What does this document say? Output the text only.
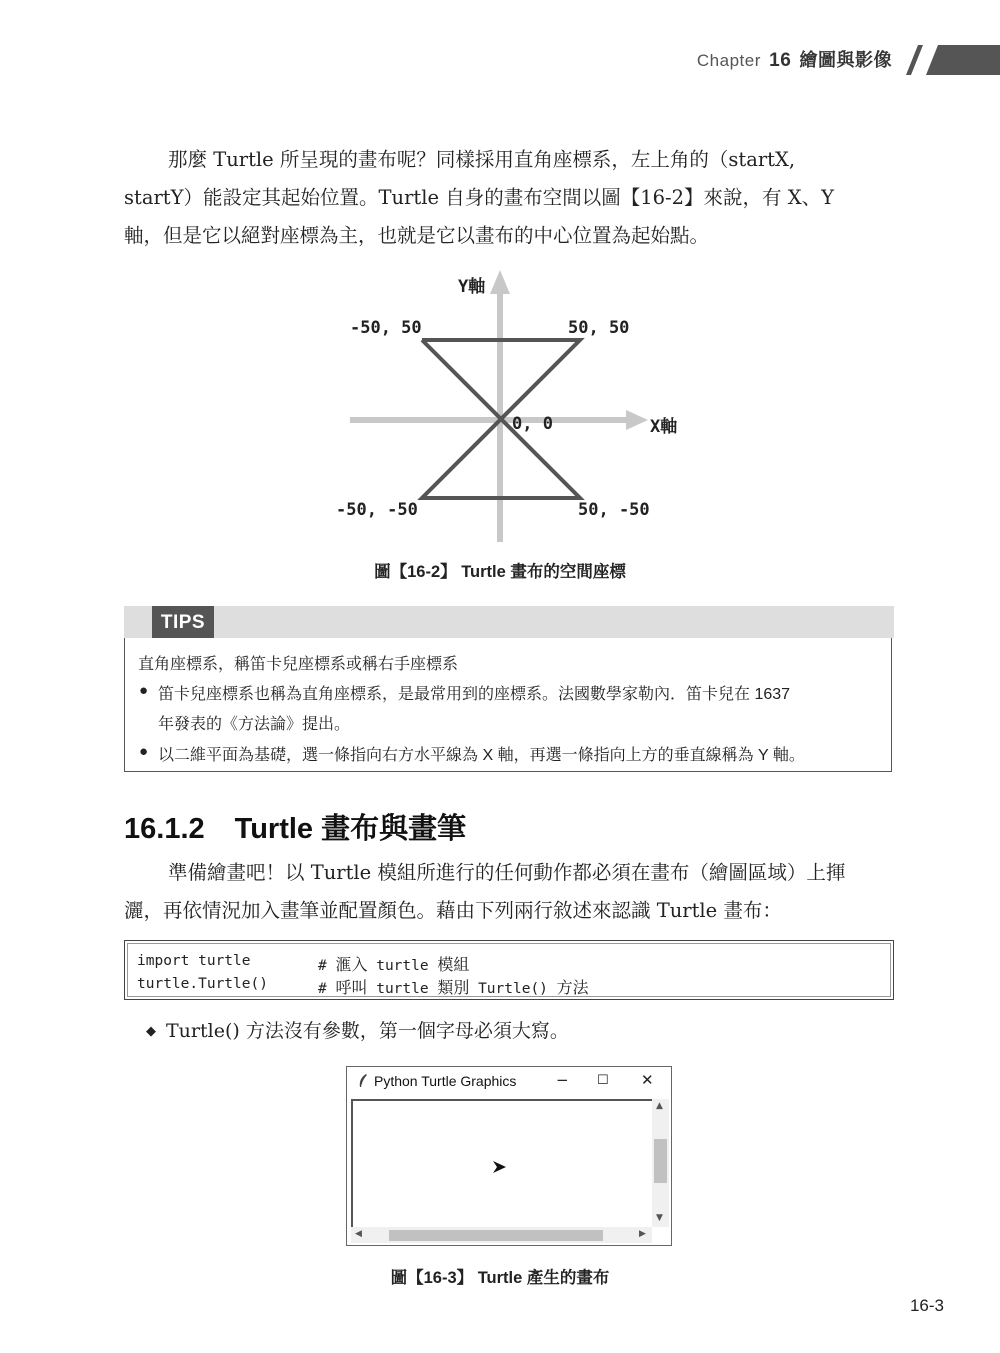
Chapter 16 繪圖與影像
那麼 Turtle 所呈現的畫布呢？同樣採用直角座標系，左上角的（startX,
startY）能設定其起始位置。Turtle 自身的畫布空間以圖【16-2】來說，有 X、Y
軸，但是它以絕對座標為主，也就是它以畫布的中心位置為起始點。
Y軸
X軸
-50, 50	50, 50
0, 0
-50, -50	50, -50
圖【16-2】 Turtle 畫布的空間座標
TIPS
直角座標系，稱笛卡兒座標系或稱右手座標系
● 笛卡兒座標系也稱為直角座標系，是最常用到的座標系。法國數學家勒內．笛卡兒在 1637
年發表的《方法論》提出。
● 以二維平面為基礎，選一條指向右方水平線為 X 軸，再選一條指向上方的垂直線稱為 Y 軸。
16.1.2 Turtle 畫布與畫筆
準備繪畫吧！以 Turtle 模組所進行的任何動作都必須在畫布（繪圖區域）上揮
灑，再依情況加入畫筆並配置顏色。藉由下列兩行敘述來認識 Turtle 畫布：
import turtle	# 滙入 turtle 模組
turtle.Turtle()	# 呼叫 turtle 類別 Turtle() 方法
◆ Turtle() 方法沒有參數，第一個字母必須大寫。
Python Turtle Graphics	− ☐ ✕
▲
▼
◀	▶
圖【16-3】 Turtle 產生的畫布
16-3
